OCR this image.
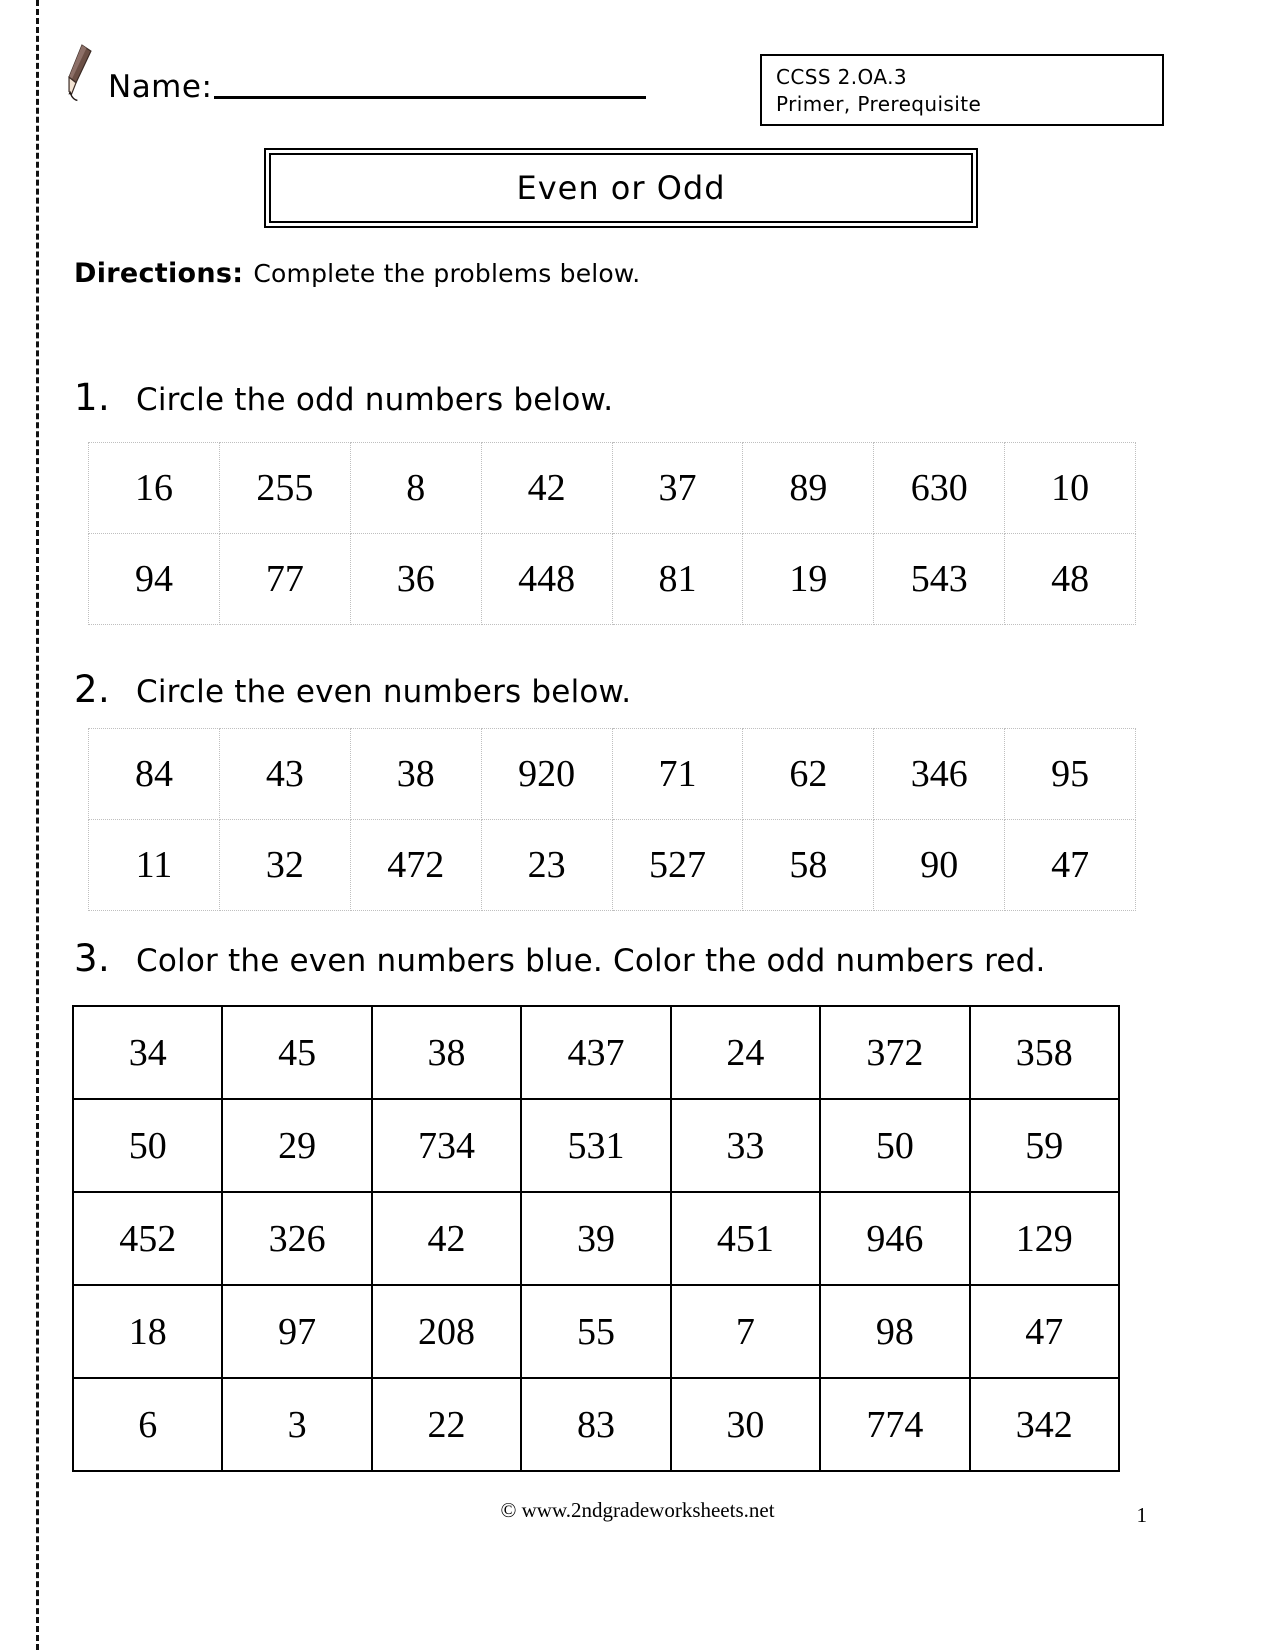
Name:	CCSS 2.OA.3
Primer, Prerequisite
Even or Odd
Directions: Complete the problems below.
1. Circle the odd numbers below.
16	255	8	42	37	89	630	10
94	77	36	448	81	19	543	48
2. Circle the even numbers below.
84	43	38	920	71	62	346	95
11	32	472	23	527	58	90	47
3. Color the even numbers blue. Color the odd numbers red.
34	45	38	437	24	372	358
50	29	734	531	33	50	59
452	326	42	39	451	946	129
18	97	208	55	7	98	47
6	3	22	83	30	774	342
© www.2ndgradeworksheets.net	1
